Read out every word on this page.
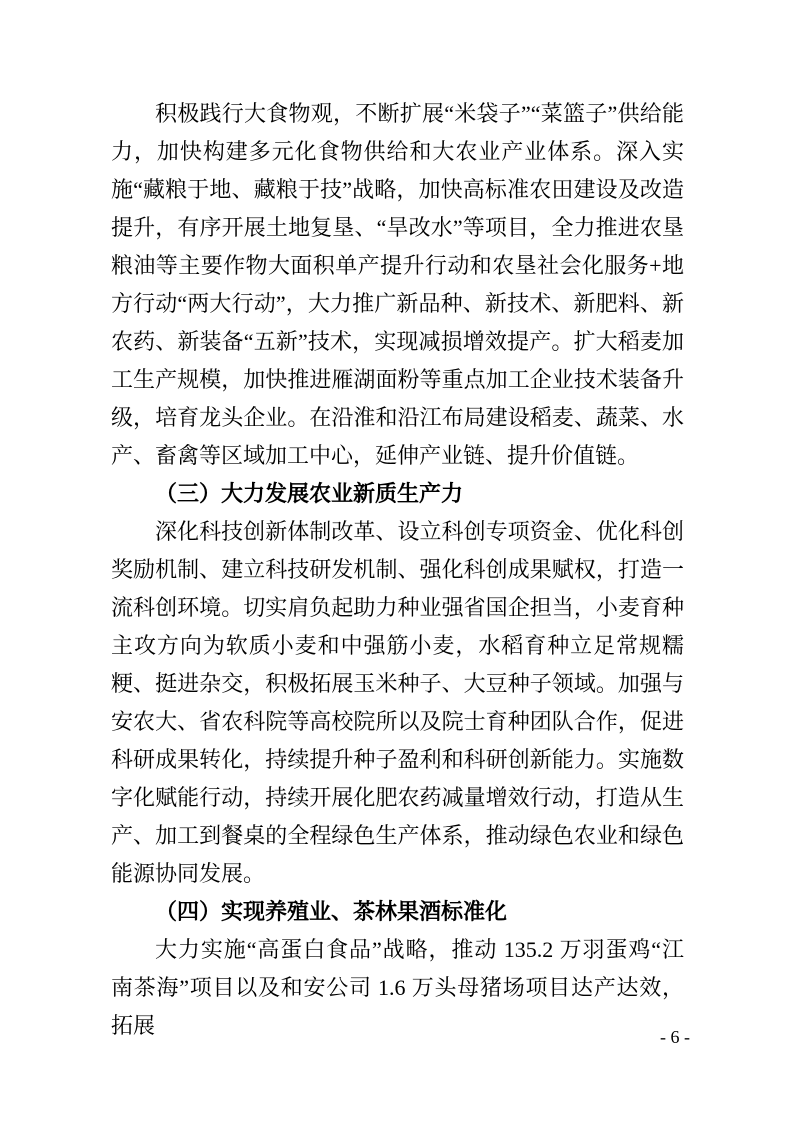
积极践行大食物观，不断扩展“米袋子”“菜篮子”供给能力，加快构建多元化食物供给和大农业产业体系。深入实施“藏粮于地、藏粮于技”战略，加快高标准农田建设及改造提升，有序开展土地复垦、“旱改水”等项目，全力推进农垦粮油等主要作物大面积单产提升行动和农垦社会化服务+地方行动“两大行动”，大力推广新品种、新技术、新肥料、新农药、新装备“五新”技术，实现减损增效提产。扩大稻麦加工生产规模，加快推进雁湖面粉等重点加工企业技术装备升级，培育龙头企业。在沿淮和沿江布局建设稻麦、蔬菜、水产、畜禽等区域加工中心，延伸产业链、提升价值链。

（三）大力发展农业新质生产力

深化科技创新体制改革、设立科创专项资金、优化科创奖励机制、建立科技研发机制、强化科创成果赋权，打造一流科创环境。切实肩负起助力种业强省国企担当，小麦育种主攻方向为软质小麦和中强筋小麦，水稻育种立足常规糯粳、挺进杂交，积极拓展玉米种子、大豆种子领域。加强与安农大、省农科院等高校院所以及院士育种团队合作，促进科研成果转化，持续提升种子盈利和科研创新能力。实施数字化赋能行动，持续开展化肥农药减量增效行动，打造从生产、加工到餐桌的全程绿色生产体系，推动绿色农业和绿色能源协同发展。

（四）实现养殖业、茶林果酒标准化

大力实施“高蛋白食品”战略，推动 135.2 万羽蛋鸡“江南茶海”项目以及和安公司 1.6 万头母猪场项目达产达效，拓展	- 6 -
